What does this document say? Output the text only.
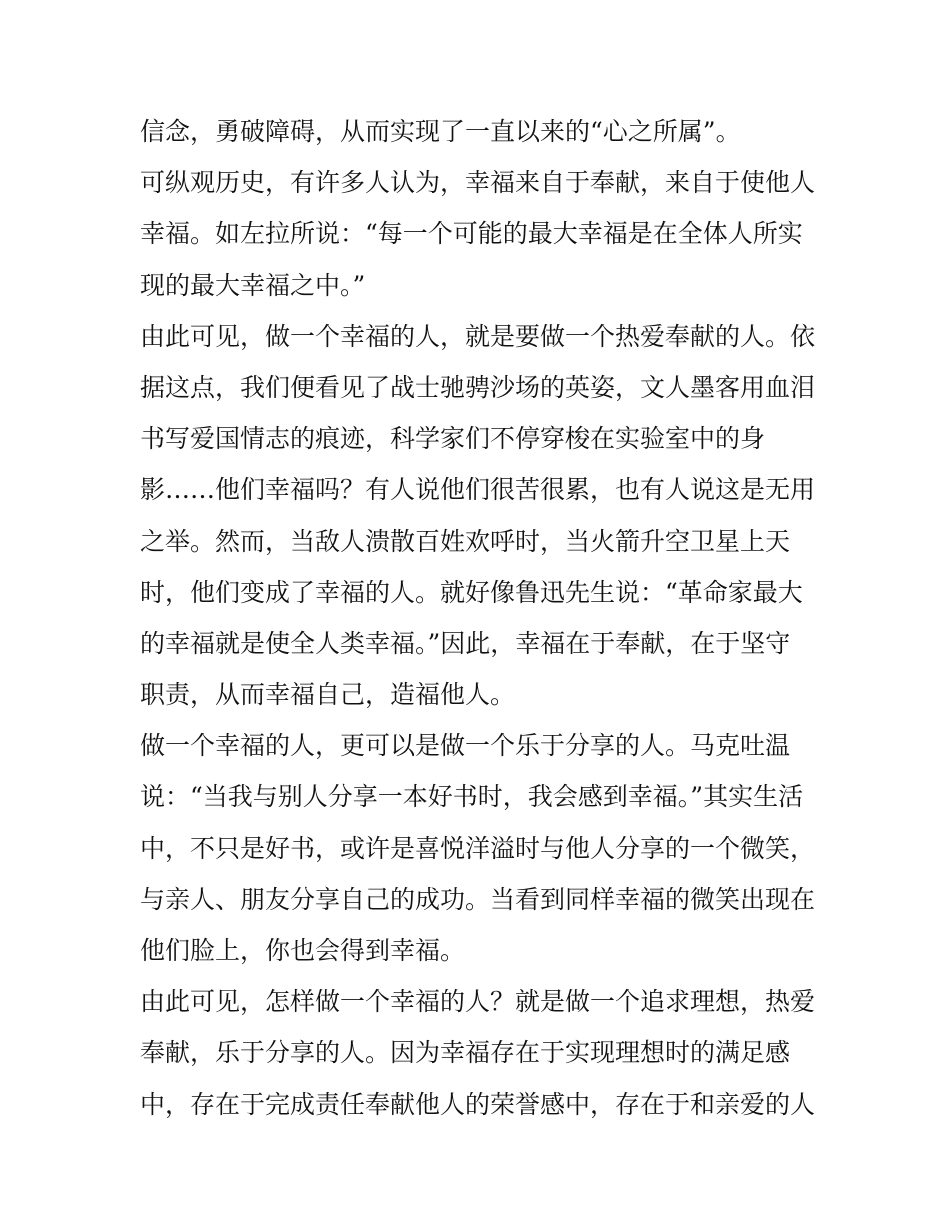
信念，勇破障碍，从而实现了一直以来的“心之所属”。
可纵观历史，有许多人认为，幸福来自于奉献，来自于使他人
幸福。如左拉所说：“每一个可能的最大幸福是在全体人所实
现的最大幸福之中。”
由此可见，做一个幸福的人，就是要做一个热爱奉献的人。依
据这点，我们便看见了战士驰骋沙场的英姿，文人墨客用血泪
书写爱国情志的痕迹，科学家们不停穿梭在实验室中的身
影……他们幸福吗？有人说他们很苦很累，也有人说这是无用
之举。然而，当敌人溃散百姓欢呼时，当火箭升空卫星上天
时，他们变成了幸福的人。就好像鲁迅先生说：“革命家最大
的幸福就是使全人类幸福。”因此，幸福在于奉献，在于坚守
职责，从而幸福自己，造福他人。
做一个幸福的人，更可以是做一个乐于分享的人。马克吐温
说：“当我与别人分享一本好书时，我会感到幸福。”其实生活
中，不只是好书，或许是喜悦洋溢时与他人分享的一个微笑，
与亲人、朋友分享自己的成功。当看到同样幸福的微笑出现在
他们脸上，你也会得到幸福。
由此可见，怎样做一个幸福的人？就是做一个追求理想，热爱
奉献，乐于分享的人。因为幸福存在于实现理想时的满足感
中，存在于完成责任奉献他人的荣誉感中，存在于和亲爱的人
